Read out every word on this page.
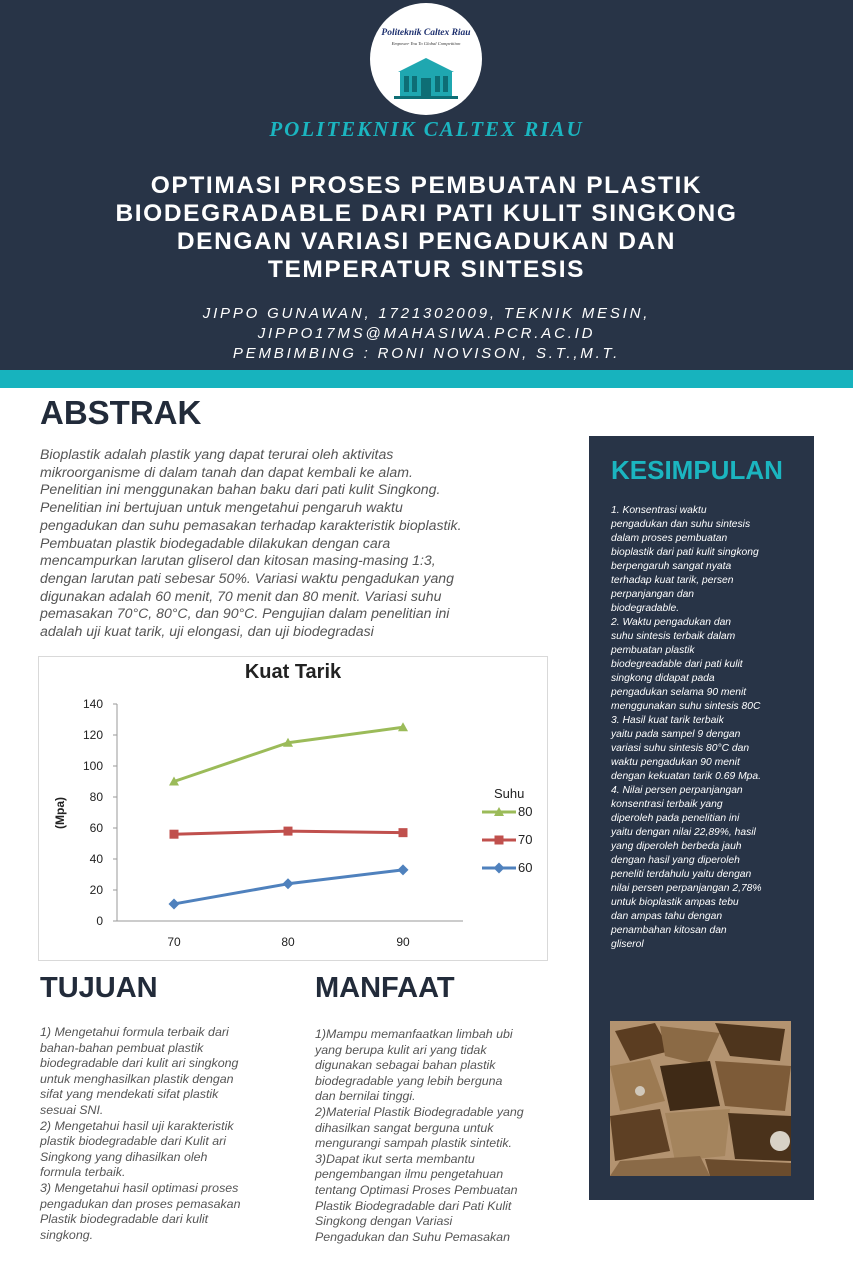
Politeknik Caltex Riau
Empower You To Global Competition
POLITEKNIK CALTEX RIAU
OPTIMASI PROSES PEMBUATAN PLASTIK
BIODEGRADABLE DARI PATI KULIT SINGKONG
DENGAN VARIASI PENGADUKAN DAN
TEMPERATUR SINTESIS
JIPPO GUNAWAN, 1721302009, TEKNIK MESIN,
JIPPO17MS@MAHASIWA.PCR.AC.ID
PEMBIMBING : RONI NOVISON, S.T.,M.T.
ABSTRAK

Bioplastik adalah plastik yang dapat terurai oleh aktivitas

mikroorganisme di dalam tanah dan dapat kembali ke alam.

Penelitian ini menggunakan bahan baku dari pati kulit Singkong.

Penelitian ini bertujuan untuk mengetahui pengaruh waktu

pengadukan dan suhu pemasakan terhadap karakteristik bioplastik.

Pembuatan plastik biodegadable dilakukan dengan cara

mencampurkan larutan gliserol dan kitosan masing-masing 1:3,

dengan larutan pati sebesar 50%. Variasi waktu pengadukan yang

digunakan adalah 60 menit, 70 menit dan 80 menit. Variasi suhu

pemasakan 70°C, 80°C, dan 90°C. Pengujian dalam penelitian ini

adalah uji kuat tarik, uji elongasi, dan uji biodegradasi

Kuat Tarik
(Mpa)
0
20
40
60
80
100
120
140
70	80	90
Suhu
80
70
60
TUJUAN

1) Mengetahui formula terbaik dari

bahan-bahan pembuat plastik

biodegradable dari kulit ari singkong

untuk menghasilkan plastik dengan

sifat yang mendekati sifat plastik

sesuai SNI.

2) Mengetahui hasil uji karakteristik

plastik biodegradable dari Kulit ari

Singkong yang dihasilkan oleh

formula terbaik.

3) Mengetahui hasil optimasi proses

pengadukan dan proses pemasakan

Plastik biodegradable dari kulit

singkong.

MANFAAT

1)Mampu memanfaatkan limbah ubi

yang berupa kulit ari yang tidak

digunakan sebagai bahan plastik

biodegradable yang lebih berguna

dan bernilai tinggi.

2)Material Plastik Biodegradable yang

dihasilkan sangat berguna untuk

mengurangi sampah plastik sintetik.

3)Dapat ikut serta membantu

pengembangan ilmu pengetahuan

tentang Optimasi Proses Pembuatan

Plastik Biodegradable dari Pati Kulit

Singkong dengan Variasi

Pengadukan dan Suhu Pemasakan

KESIMPULAN

1. Konsentrasi waktu

pengadukan dan suhu sintesis

dalam proses pembuatan

bioplastik dari pati kulit singkong

berpengaruh sangat nyata

terhadap kuat tarik, persen

perpanjangan dan

biodegradable.

2. Waktu pengadukan dan

suhu sintesis terbaik dalam

pembuatan plastik

biodegreadable dari pati kulit

singkong didapat pada

pengadukan selama 90 menit

menggunakan suhu sintesis 80C

3. Hasil kuat tarik terbaik

yaitu pada sampel 9 dengan

variasi suhu sintesis 80°C dan

waktu pengadukan 90 menit

dengan kekuatan tarik 0.69 Mpa.

4. Nilai persen perpanjangan

konsentrasi terbaik yang

diperoleh pada penelitian ini

yaitu dengan nilai 22,89%, hasil

yang diperoleh berbeda jauh

dengan hasil yang diperoleh

peneliti terdahulu yaitu dengan

nilai persen perpanjangan 2,78%

untuk bioplastik ampas tebu

dan ampas tahu dengan

penambahan kitosan dan

gliserol
